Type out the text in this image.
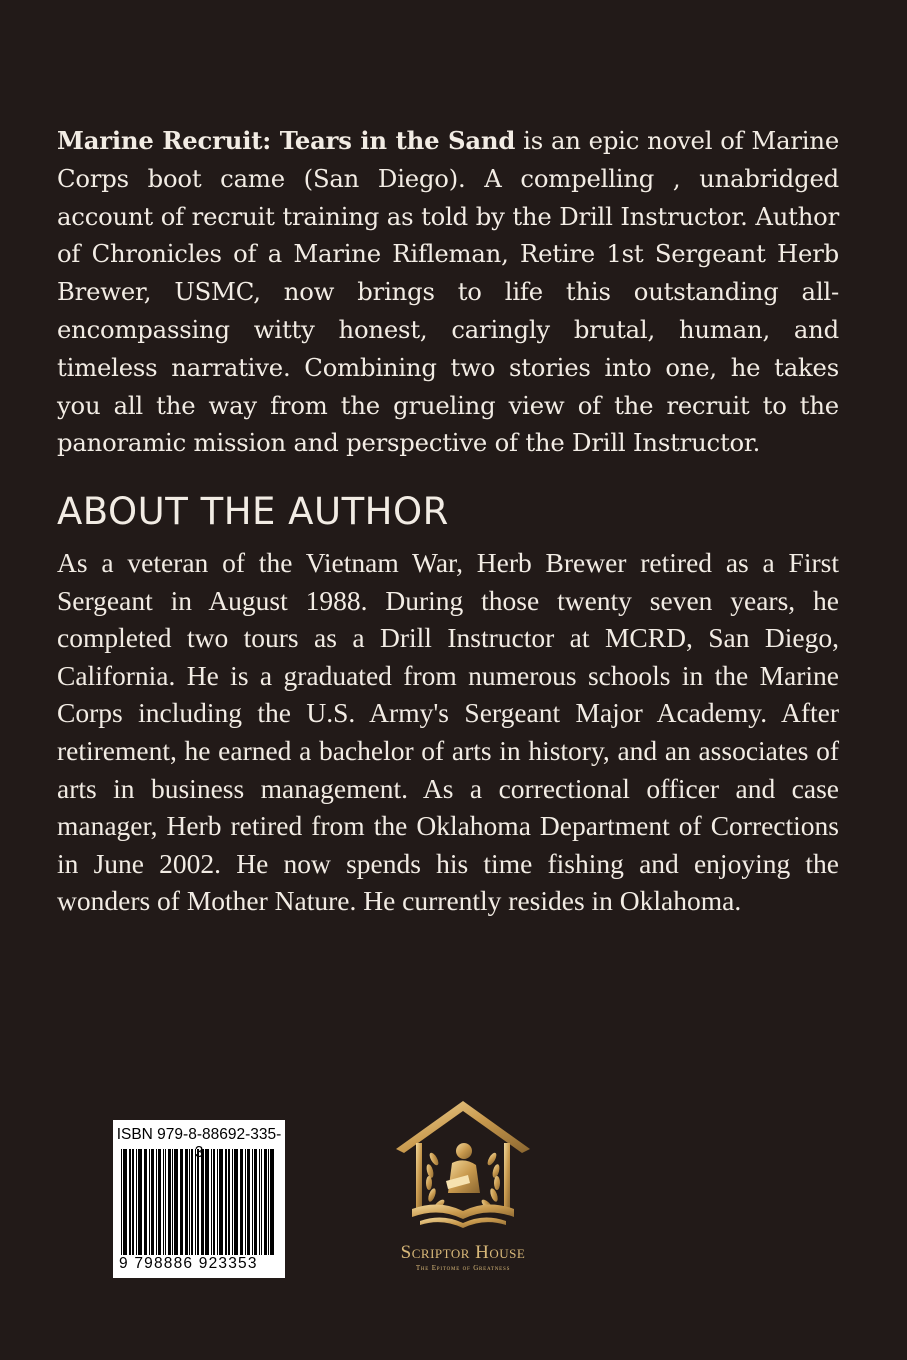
Marine Recruit: Tears in the Sand is an epic novel of Marine Corps boot came (San Diego). A compelling , unabridged account of recruit training as told by the Drill Instructor. Author of Chronicles of a Marine Rifleman, Retire 1st Sergeant Herb Brewer, USMC, now brings to life this outstanding all-encompassing witty honest, caringly brutal, human, and timeless narrative. Combining two stories into one, he takes you all the way from the grueling view of the recruit to the panoramic mission and perspective of the Drill Instructor.

ABOUT THE AUTHOR

As a veteran of the Vietnam War, Herb Brewer retired as a First Sergeant in August 1988. During those twenty seven years, he completed two tours as a Drill Instructor at MCRD, San Diego, California. He is a graduated from numerous schools in the Marine Corps including the U.S. Army's Sergeant Major Academy. After retirement, he earned a bachelor of arts in history, and an associates of arts in business management. As a correctional officer and case manager, Herb retired from the Oklahoma Department of Corrections in June 2002. He now spends his time fishing and enjoying the wonders of Mother Nature. He currently resides in Oklahoma.

ISBN 979-8-88692-335-
9 798886 923353
Scriptor House
The Epitome of Greatness
